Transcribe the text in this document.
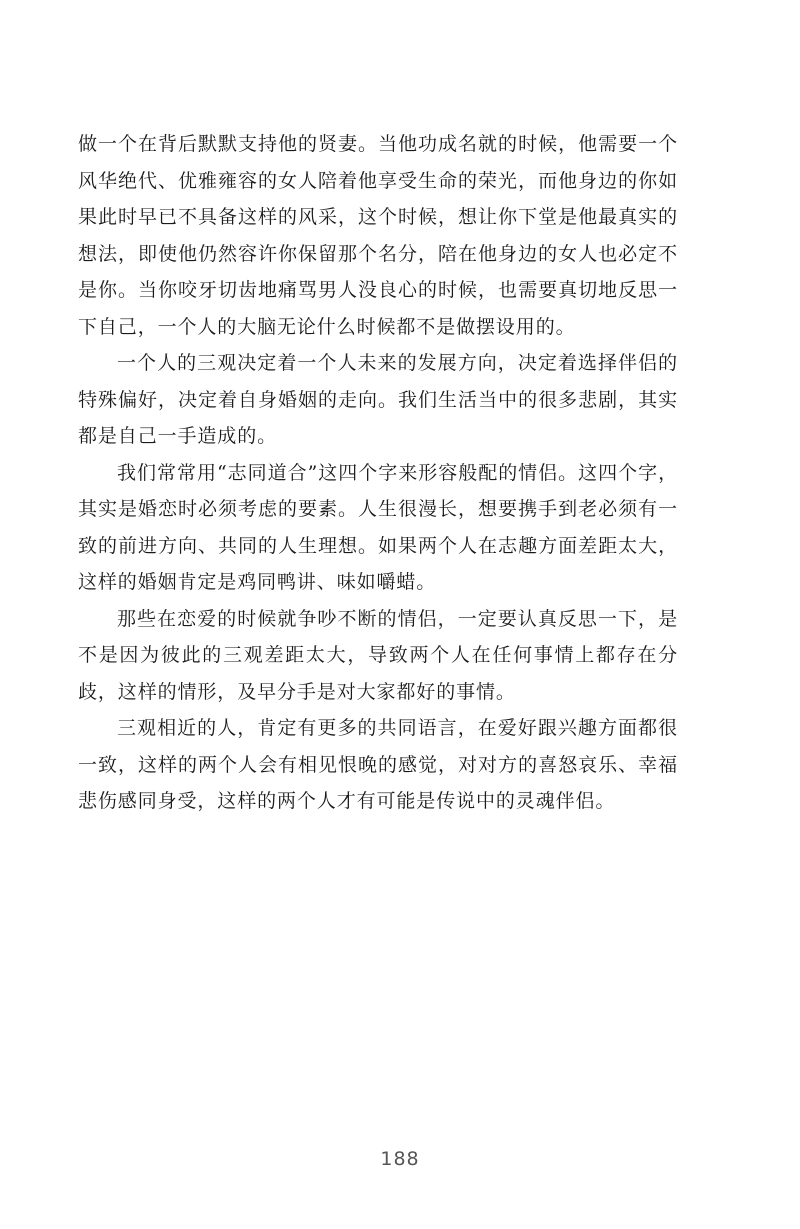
做一个在背后默默支持他的贤妻。当他功成名就的时候，他需要一个风华绝代、优雅雍容的女人陪着他享受生命的荣光，而他身边的你如果此时早已不具备这样的风采，这个时候，想让你下堂是他最真实的想法，即使他仍然容许你保留那个名分，陪在他身边的女人也必定不是你。当你咬牙切齿地痛骂男人没良心的时候，也需要真切地反思一下自己，一个人的大脑无论什么时候都不是做摆设用的。

一个人的三观决定着一个人未来的发展方向，决定着选择伴侣的特殊偏好，决定着自身婚姻的走向。我们生活当中的很多悲剧，其实都是自己一手造成的。

我们常常用“志同道合”这四个字来形容般配的情侣。这四个字，其实是婚恋时必须考虑的要素。人生很漫长，想要携手到老必须有一致的前进方向、共同的人生理想。如果两个人在志趣方面差距太大，这样的婚姻肯定是鸡同鸭讲、味如嚼蜡。

那些在恋爱的时候就争吵不断的情侣，一定要认真反思一下，是不是因为彼此的三观差距太大，导致两个人在任何事情上都存在分歧，这样的情形，及早分手是对大家都好的事情。

三观相近的人，肯定有更多的共同语言，在爱好跟兴趣方面都很一致，这样的两个人会有相见恨晚的感觉，对对方的喜怒哀乐、幸福悲伤感同身受，这样的两个人才有可能是传说中的灵魂伴侣。

188
